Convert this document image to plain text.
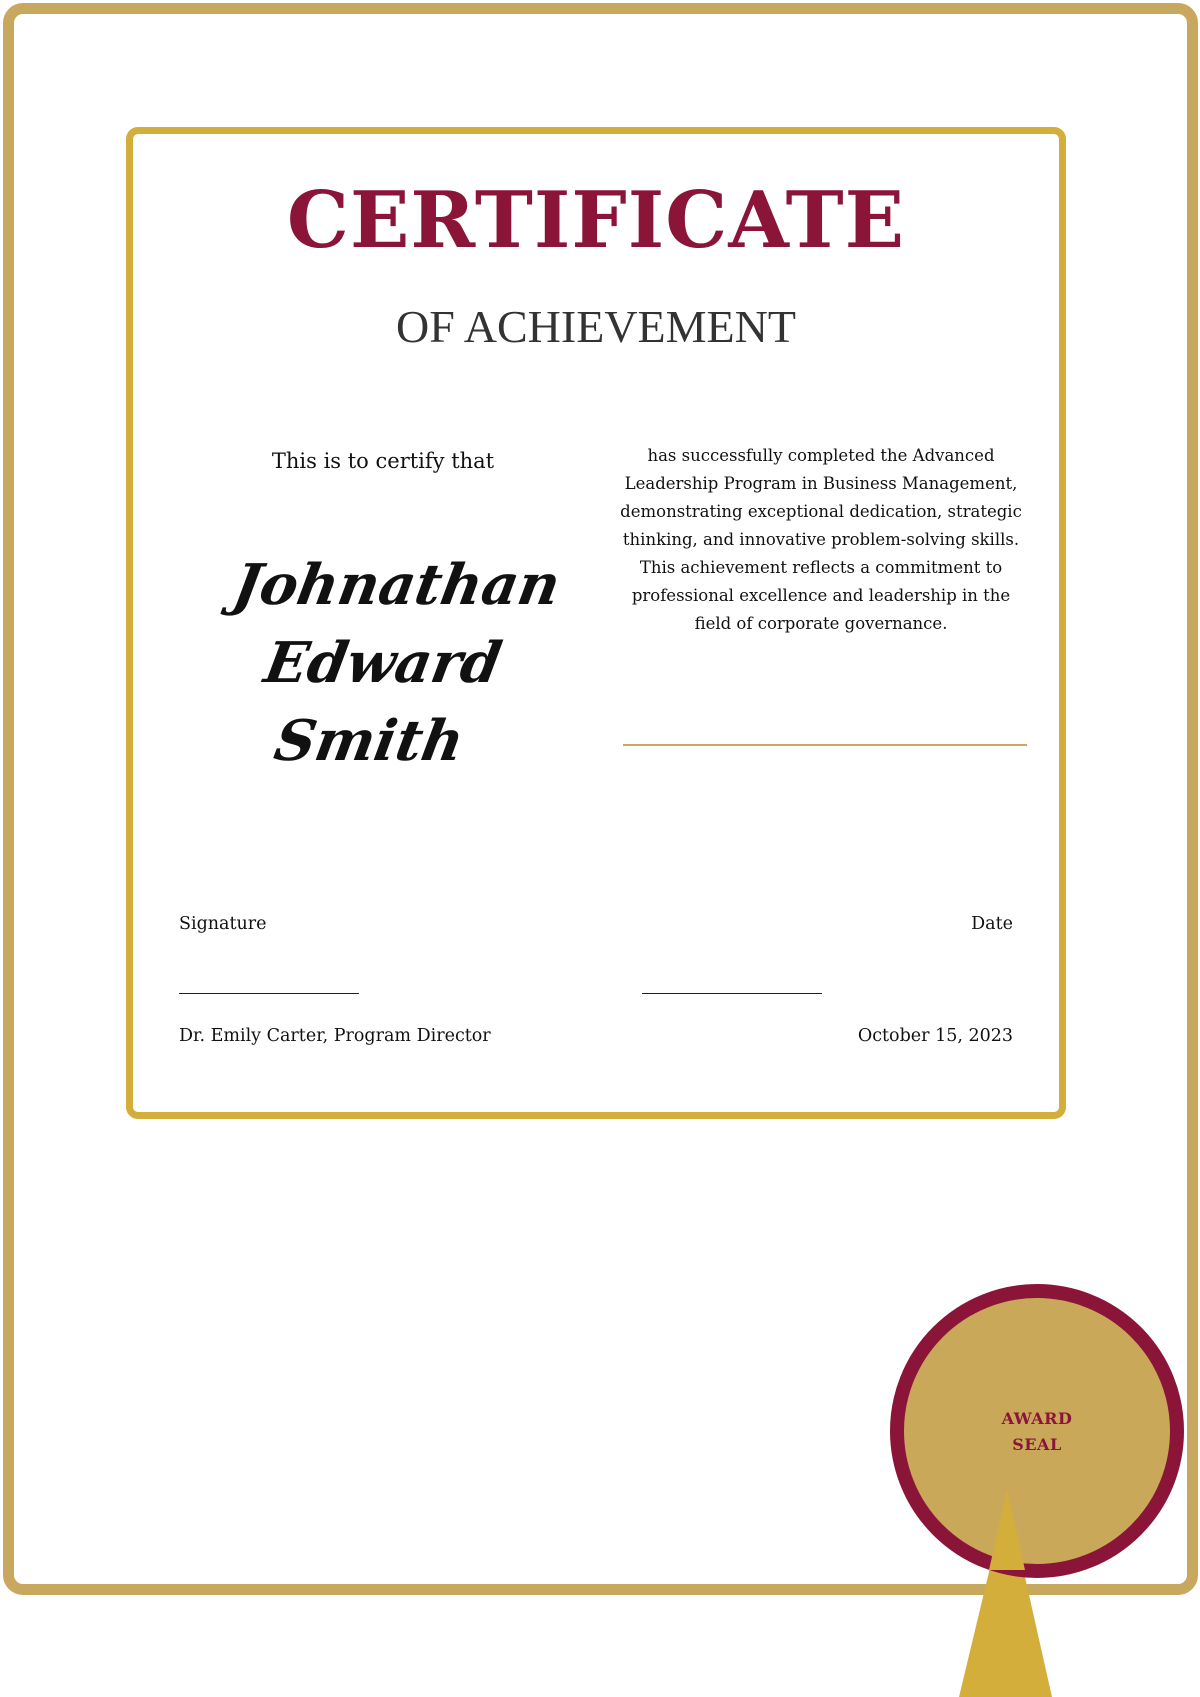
CERTIFICATE
OF ACHIEVEMENT
This is to certify that
Johnathan Edward Smith
has successfully completed the Advanced Leadership Program in Business Management, demonstrating exceptional dedication, strategic thinking, and innovative problem-solving skills. This achievement reflects a commitment to professional excellence and leadership in the field of corporate governance.
Signature	Date
Dr. Emily Carter, Program Director	October 15, 2023
AWARD
SEAL
